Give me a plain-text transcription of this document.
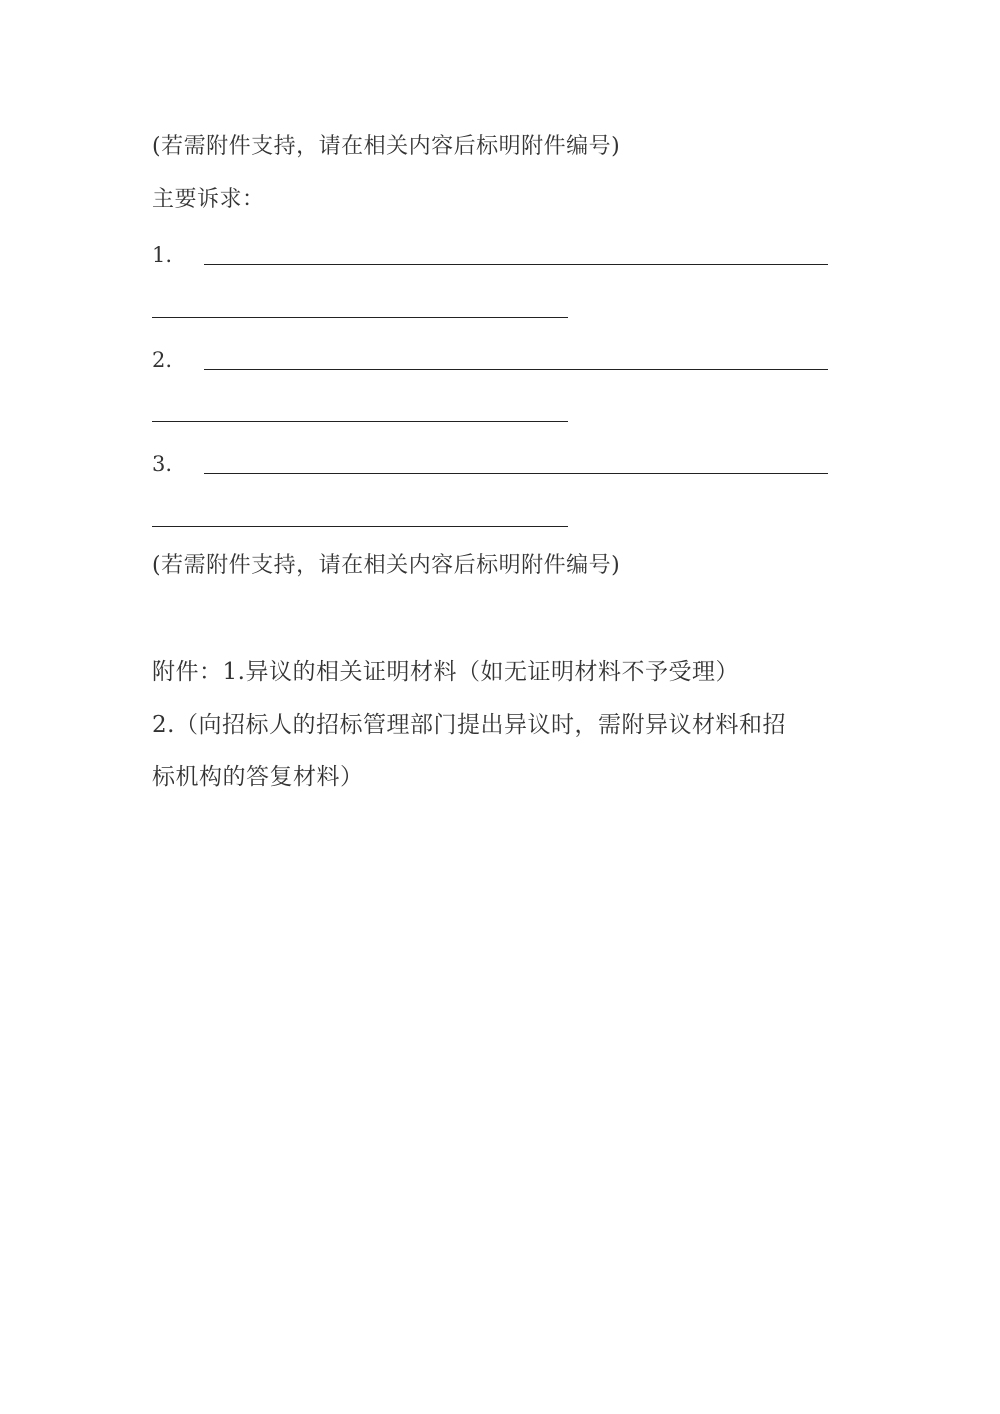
(若需附件支持，请在相关内容后标明附件编号)
主要诉求：
1.
2.
3.
(若需附件支持，请在相关内容后标明附件编号)
附件：1.异议的相关证明材料（如无证明材料不予受理）
2.（向招标人的招标管理部门提出异议时，需附异议材料和招
标机构的答复材料）
